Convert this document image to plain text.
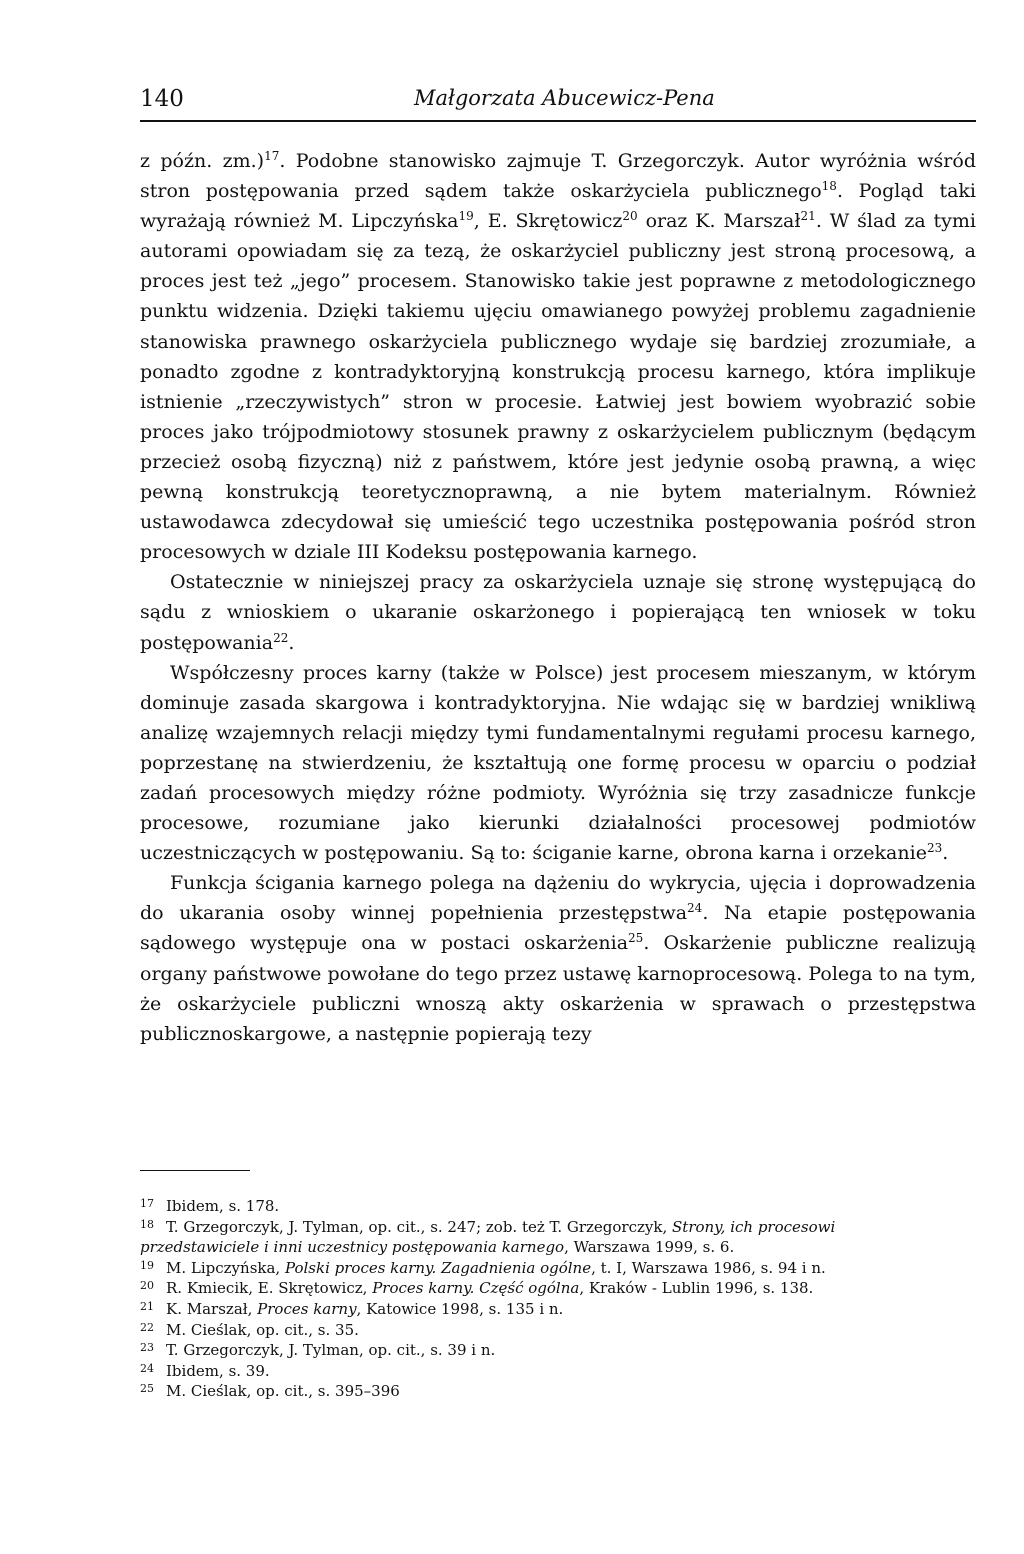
140	Małgorzata Abucewicz-Pena

z późn. zm.)$^{17}$. Podobne stanowisko zajmuje T. Grzegorczyk. Autor wyróżnia wśród stron postępowania przed sądem także oskarżyciela publicznego$^{18}$. Pogląd taki wyrażają również M. Lipczyńska$^{19}$, E. Skrętowicz$^{20}$ oraz K. Marszał$^{21}$. W ślad za tymi autorami opowiadam się za tezą, że oskarżyciel publiczny jest stroną procesową, a proces jest też „jego” procesem. Stanowisko takie jest poprawne z metodologicznego punktu widzenia. Dzięki takiemu ujęciu omawianego powyżej problemu zagadnienie stanowiska prawnego oskarżyciela publicznego wydaje się bardziej zrozumiałe, a ponadto zgodne z kontradyktoryjną konstrukcją procesu karnego, która implikuje istnienie „rzeczywistych” stron w procesie. Łatwiej jest bowiem wyobrazić sobie proces jako trójpodmiotowy stosunek prawny z oskarżycielem publicznym (będącym przecież osobą fizyczną) niż z państwem, które jest jedynie osobą prawną, a więc pewną konstrukcją teoretycznoprawną, a nie bytem materialnym. Również ustawodawca zdecydował się umieścić tego uczestnika postępowania pośród stron procesowych w dziale III Kodeksu postępowania karnego.

Ostatecznie w niniejszej pracy za oskarżyciela uznaje się stronę występującą do sądu z wnioskiem o ukaranie oskarżonego i popierającą ten wniosek w toku postępowania$^{22}$.

Współczesny proces karny (także w Polsce) jest procesem mieszanym, w którym dominuje zasada skargowa i kontradyktoryjna. Nie wdając się w bardziej wnikliwą analizę wzajemnych relacji między tymi fundamentalnymi regułami procesu karnego, poprzestanę na stwierdzeniu, że kształtują one formę procesu w oparciu o podział zadań procesowych między różne podmioty. Wyróżnia się trzy zasadnicze funkcje procesowe, rozumiane jako kierunki działalności procesowej podmiotów uczestniczących w postępowaniu. Są to: ściganie karne, obrona karna i orzekanie$^{23}$.

Funkcja ścigania karnego polega na dążeniu do wykrycia, ujęcia i doprowadzenia do ukarania osoby winnej popełnienia przestępstwa$^{24}$. Na etapie postępowania sądowego występuje ona w postaci oskarżenia$^{25}$. Oskarżenie publiczne realizują organy państwowe powołane do tego przez ustawę karnoprocesową. Polega to na tym, że oskarżyciele publiczni wnoszą akty oskarżenia w sprawach o przestępstwa publicznoskargowe, a następnie popierają tezy

17 Ibidem, s. 178.

18 T. Grzegorczyk, J. Tylman, op. cit., s. 247; zob. też T. Grzegorczyk, Strony, ich procesowi
przedstawiciele i inni uczestnicy postępowania karnego, Warszawa 1999, s. 6.

19 M. Lipczyńska, Polski proces karny. Zagadnienia ogólne, t. I, Warszawa 1986, s. 94 i n.

20 R. Kmiecik, E. Skrętowicz, Proces karny. Część ogólna, Kraków - Lublin 1996, s. 138.

21 K. Marszał, Proces karny, Katowice 1998, s. 135 i n.

22 M. Cieślak, op. cit., s. 35.

23 T. Grzegorczyk, J. Tylman, op. cit., s. 39 i n.

24 Ibidem, s. 39.

25 M. Cieślak, op. cit., s. 395–396
